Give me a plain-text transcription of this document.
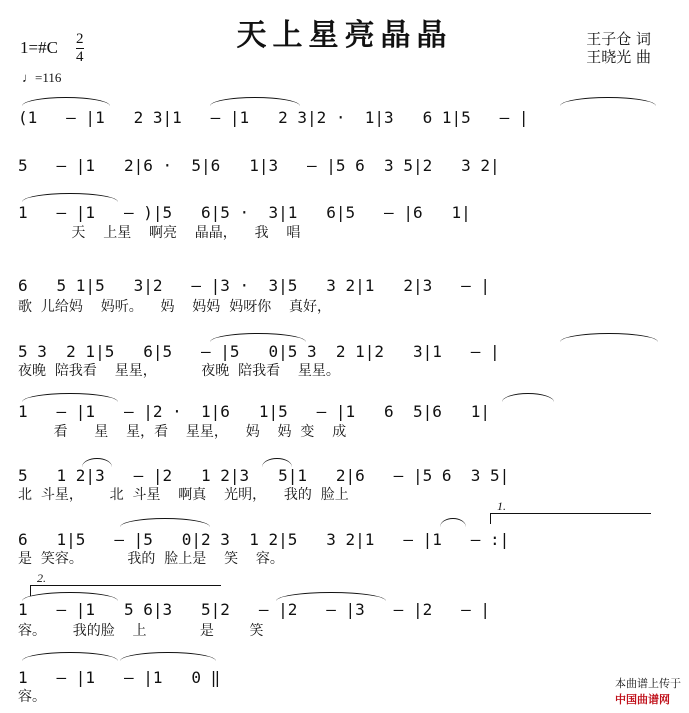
天上星亮晶晶	王子仓 词
王晓光 曲
1=#C 2
4
♩=116
(1   — |1   2 3|1   — |1   2 3|2 ·  1|3   6 1|5   — |
5   — |1   2|6 ·  5|6   1|3   — |5 6  3 5|2   3 2|
1   — |1   — )|5   6|5 ·  3|1   6|5   — |6   1|
天    上星    啊亮    晶晶，    我    唱
6   5 1|5   3|2   — |3 ·  3|5   3 2|1   2|3   — |
歌  儿给妈    妈听。    妈    妈妈  妈呀你    真好，
5 3  2 1|5   6|5   — |5   0|5 3  2 1|2   3|1   — |
夜晚  陪我看    星星，          夜晚  陪我看    星星。
1   — |1   — |2 ·  1|6   1|5   — |1   6  5|6   1|
看      星    星，看    星星，    妈    妈  变    成
5   1 2|3   — |2   1 2|3   5|1   2|6   — |5 6  3 5|
北  斗星，      北  斗星    啊真    光明，    我的  脸上
1.
6   1|5   — |5   0|2 3  1 2|5   3 2|1   — |1   — :|
是  笑容。          我的  脸上是    笑    容。
2.
1   — |1   5 6|3   5|2   — |2   — |3   — |2   — |
容。      我的脸    上            是        笑
1   — |1   — |1   0 ‖
容。

本曲谱上传于
中国曲谱网
